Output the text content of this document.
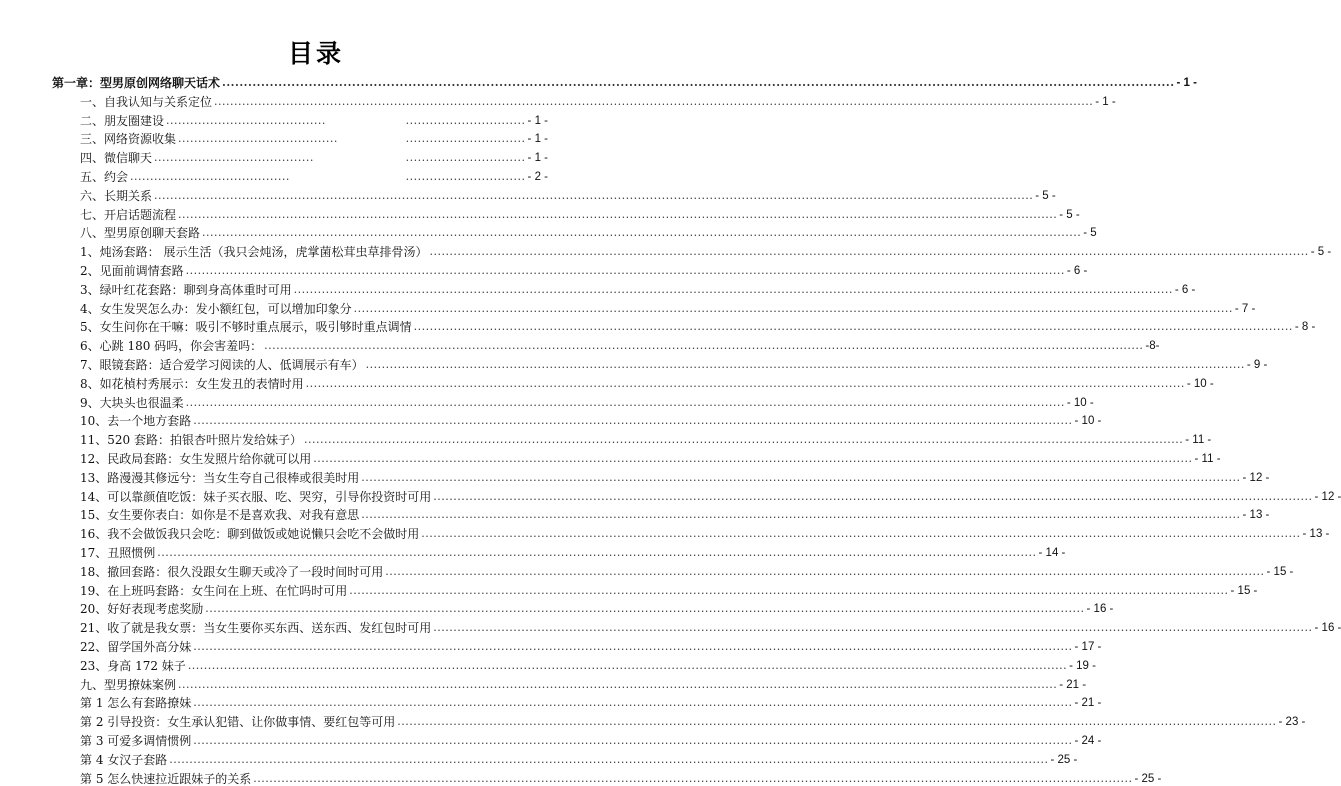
目录
第一章：型男原创网络聊天话术 ............................................................................................................................................................................................................................ - 1 -
一、自我认知与关系定位 ............................................................................................................................................................................................................................ - 1 -
二、朋友圈建设 ........................................	.............................. - 1 -
三、网络资源收集 ........................................	.............................. - 1 -
四、微信聊天 ........................................	.............................. - 1 -
五、约会 ........................................	.............................. - 2 -
六、长期关系 ............................................................................................................................................................................................................................ - 5 -
七、开启话题流程 ............................................................................................................................................................................................................................ - 5 -
八、型男原创聊天套路 ............................................................................................................................................................................................................................ - 5
1、炖汤套路： 展示生活（我只会炖汤，虎掌菌松茸虫草排骨汤） ............................................................................................................................................................................................................................ - 5 -
2、见面前调情套路 ............................................................................................................................................................................................................................ - 6 -
3、绿叶红花套路：聊到身高体重时可用 ............................................................................................................................................................................................................................ - 6 -
4、女生发哭怎么办：发小额红包，可以增加印象分 ............................................................................................................................................................................................................................ - 7 -
5、女生问你在干嘛：吸引不够时重点展示，吸引够时重点调情 ............................................................................................................................................................................................................................ - 8 -
6、心跳 180 码吗，你会害羞吗： ............................................................................................................................................................................................................................ -8-
7、眼镜套路：适合爱学习阅读的人、低调展示有车） ............................................................................................................................................................................................................................ - 9 -
8、如花楨村秀展示：女生发丑的表情时用 ............................................................................................................................................................................................................................ - 10 -
9、大块头也很温柔 ............................................................................................................................................................................................................................ - 10 -
10、去一个地方套路 ............................................................................................................................................................................................................................ - 10 -
11、520 套路：拍银杏叶照片发给妹子） ............................................................................................................................................................................................................................ - 11 -
12、民政局套路：女生发照片给你就可以用 ............................................................................................................................................................................................................................ - 11 -
13、路漫漫其修远兮：当女生夸自己很棒或很美时用 ............................................................................................................................................................................................................................ - 12 -
14、可以靠颜值吃饭：妹子买衣服、吃、哭穷，引导你投资时可用 ............................................................................................................................................................................................................................ - 12 -
15、女生要你表白：如你是不是喜欢我、对我有意思 ............................................................................................................................................................................................................................ - 13 -
16、我不会做饭我只会吃：聊到做饭或她说懒只会吃不会做时用 ............................................................................................................................................................................................................................ - 13 -
17、丑照惯例 ............................................................................................................................................................................................................................ - 14 -
18、撤回套路：很久没跟女生聊天或冷了一段时间时可用 ............................................................................................................................................................................................................................ - 15 -
19、在上班吗套路：女生问在上班、在忙吗时可用 ............................................................................................................................................................................................................................ - 15 -
20、好好表现考虑奖励 ............................................................................................................................................................................................................................ - 16 -
21、收了就是我女票：当女生要你买东西、送东西、发红包时可用 ............................................................................................................................................................................................................................ - 16 -
22、留学国外高分妹 ............................................................................................................................................................................................................................ - 17 -
23、身高 172 妹子 ............................................................................................................................................................................................................................ - 19 -
九、型男撩妹案例 ............................................................................................................................................................................................................................ - 21 -
第 1 怎么有套路撩妹 ............................................................................................................................................................................................................................ - 21 -
第 2 引导投资：女生承认犯错、让你做事情、要红包等可用 ............................................................................................................................................................................................................................ - 23 -
第 3 可爱多调情惯例 ............................................................................................................................................................................................................................ - 24 -
第 4 女汉子套路 ............................................................................................................................................................................................................................ - 25 -
第 5 怎么快速拉近跟妹子的关系 ............................................................................................................................................................................................................................ - 25 -
